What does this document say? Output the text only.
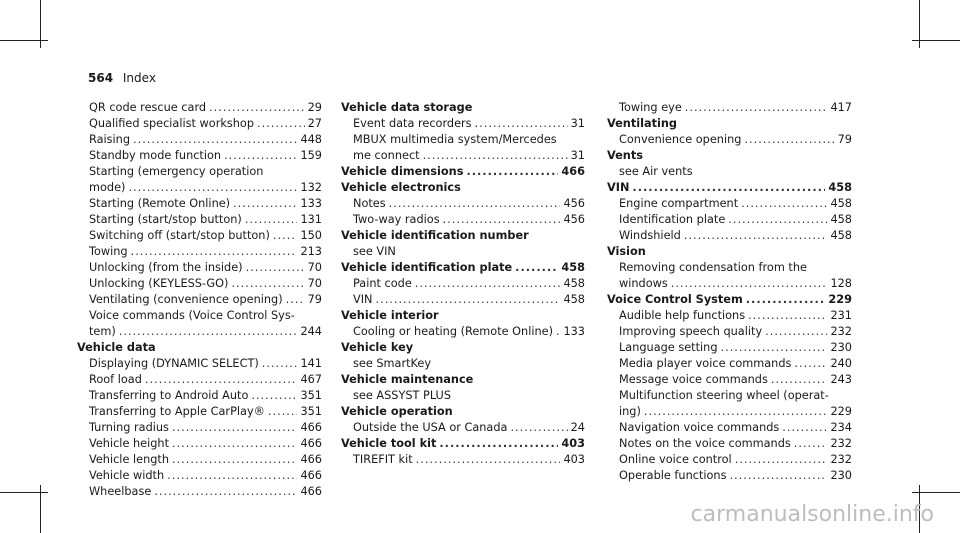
564 Index
QR code rescue card .....	29
Qualified specialist workshop .....	27
Raising .....	448
Standby mode function .....	159
Starting (emergency operation
mode) .....	132
Starting (Remote Online) .....	133
Starting (start/stop button) .....	131
Switching off (start/stop button) .....	150
Towing .....	213
Unlocking (from the inside) .....	70
Unlocking (KEYLESS-GO) .....	70
Ventilating (convenience opening) ..... 79
Voice commands (Voice Control Sys-
tem) .....	244
Vehicle data
Displaying (DYNAMIC SELECT) .....	141
Roof load .....	467
Transferring to Android Auto .....	351
Transferring to Apple CarPlay® .....	351
Turning radius .....	466
Vehicle height .....	466
Vehicle length .....	466
Vehicle width .....	466
Wheelbase .....	466
Vehicle data storage
Event data recorders .....	31
MBUX multimedia system/Mercedes
me connect .....	31
Vehicle dimensions .....	466
Vehicle electronics
Notes .....	456
Two-way radios .....	456
Vehicle identification number
see VIN
Vehicle identification plate .....	458
Paint code .....	458
VIN .....	458
Vehicle interior
Cooling or heating (Remote Online) ..... 133
Vehicle key
see SmartKey
Vehicle maintenance
see ASSYST PLUS
Vehicle operation
Outside the USA or Canada .....	24
Vehicle tool kit .....	403
TIREFIT kit .....	403
Towing eye .....	417
Ventilating
Convenience opening .....	79
Vents
see Air vents
VIN .....	458
Engine compartment .....	458
Identification plate .....	458
Windshield .....	458
Vision
Removing condensation from the
windows .....	128
Voice Control System .....	229
Audible help functions .....	231
Improving speech quality .....	232
Language setting .....	230
Media player voice commands .....	240
Message voice commands .....	243
Multifunction steering wheel (operat-
ing) .....	229
Navigation voice commands .....	234
Notes on the voice commands .....	232
Online voice control .....	232
Operable functions .....	230
carmanualsonline.info
